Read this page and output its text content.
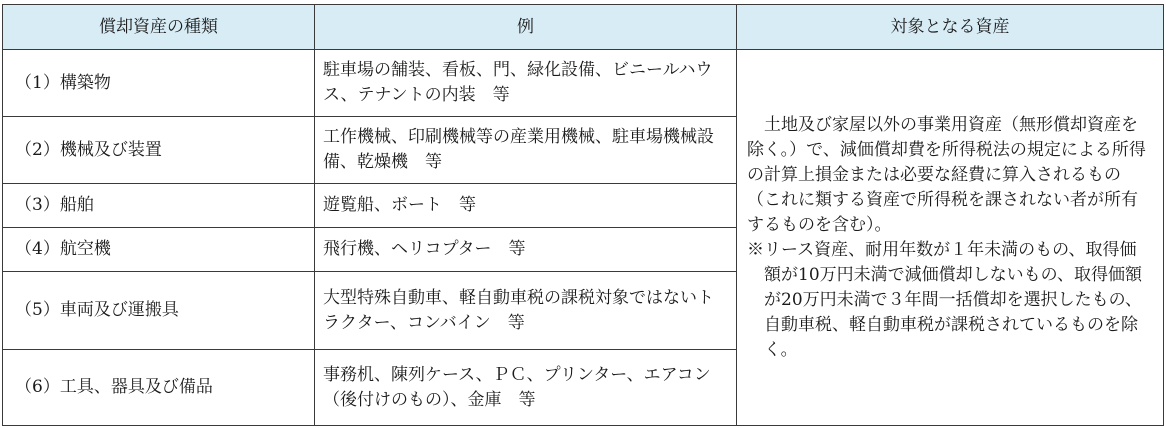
償却資産の種類	例	対象となる資産
（1）構築物	駐車場の舗装、看板、門、緑化設備、ビニールハウス、テナントの内装　等	土地及び家屋以外の事業用資産（無形償却資産を除く。）で、減価償却費を所得税法の規定による所得の計算上損金または必要な経費に算入されるもの（これに類する資産で所得税を課されない者が所有するものを含む）。

※リース資産、耐用年数が１年未満のもの、取得価額が10万円未満で減価償却しないもの、取得価額が20万円未満で３年間一括償却を選択したもの、自動車税、軽自動車税が課税されているものを除く。

（2）機械及び装置	工作機械、印刷機械等の産業用機械、駐車場機械設備、乾燥機　等	
（3）船舶	遊覧船、ボート　等	
（4）航空機	飛行機、ヘリコプター　等	
（5）車両及び運搬具	大型特殊自動車、軽自動車税の課税対象ではないトラクター、コンバイン　等	
（6）工具、器具及び備品	事務机、陳列ケース、ＰＣ、プリンター、エアコン（後付けのもの）、金庫　等	
